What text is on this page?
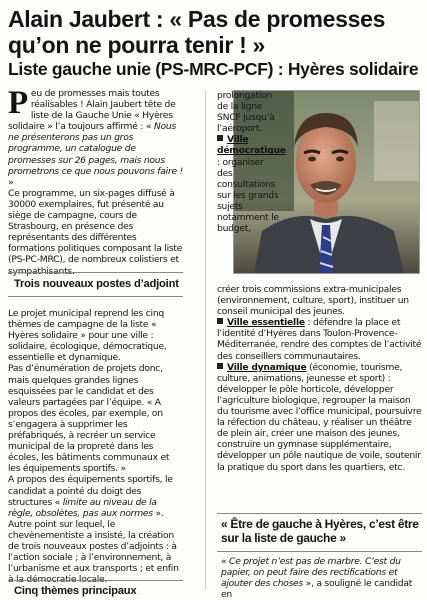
Alain Jaubert : « Pas de promesses qu’on ne pourra tenir ! »
Liste gauche unie (PS-MRC-PCF) : Hyères solidaire

Peu de promesses mais toutes réalisables ! Alain Jaubert tête de liste de la Gauche Unie « Hyères solidaire » l’a toujours affirmé : « Nous ne présenterons pas un gros programme, un catalogue de promesses sur 26 pages, mais nous prometrons ce que nous pouvons faire ! »

Ce programme, un six-pages diffusé à 30000 exemplaires, fut présenté au siège de campagne, cours de Strasbourg, en présence des représentants des différentes formations politiques composant la liste (PS-PC-MRC), de nombreux colistiers et sympathisants.

prolongation de la ligne SNCF jusqu’à l’aéroport.

Ville démocratique : organiser des consultations sur les grands sujets notamment le budget,

Trois nouveaux postes d’adjoint

Le projet municipal reprend les cinq thèmes de campagne de la liste « Hyères solidaire » pour une ville : solidaire, écologique, démocratique, essentielle et dynamique.

Pas d’énumération de projets donc, mais quelques grandes lignes esquissées par le candidat et des valeurs partagées par l’équipe. « A propos des écoles, par exemple, on s’engagera à supprimer les préfabriqués, à recréer un service municipal de la propreté dans les écoles, les bâtiments communaux et les équipements sportifs. »

A propos des équipements sportifs, le candidat a pointé du doigt des structures « limite au niveau de la règle, obsolètes, pas aux normes ».

Autre point sur lequel, le chevènementiste a insisté, la création de trois nouveaux postes d’adjoints : à l’action sociale ; à l’environnement, à l’urbanisme et aux transports ; et enfin à la démocratie locale.

Cinq thèmes principaux

créer trois commissions extra-municipales (environnement, culture, sport), instituer un conseil municipal des jeunes.

Ville essentielle : défendre la place et l’identité d’Hyères dans Toulon-Provence-Méditerranée, rendre des comptes de l’activité des conseillers communautaires.

Ville dynamique (économie, tourisme, culture, animations, jeunesse et sport) : développer le pôle horticole, développer l’agriculture biologique, regrouper la maison du tourisme avec l’office municipal, poursuivre la réfection du château, y réaliser un théâtre de plein air, créer une maison des jeunes, construire un gymnase supplémentaire, développer un pôle nautique de voile, soutenir la pratique du sport dans les quartiers, etc.

« Être de gauche à Hyères, c’est être sur la liste de gauche »

« Ce projet n’est pas de marbre. C’est du papier, on peut faire des rectifications et ajouter des choses », a souligné le candidat en
